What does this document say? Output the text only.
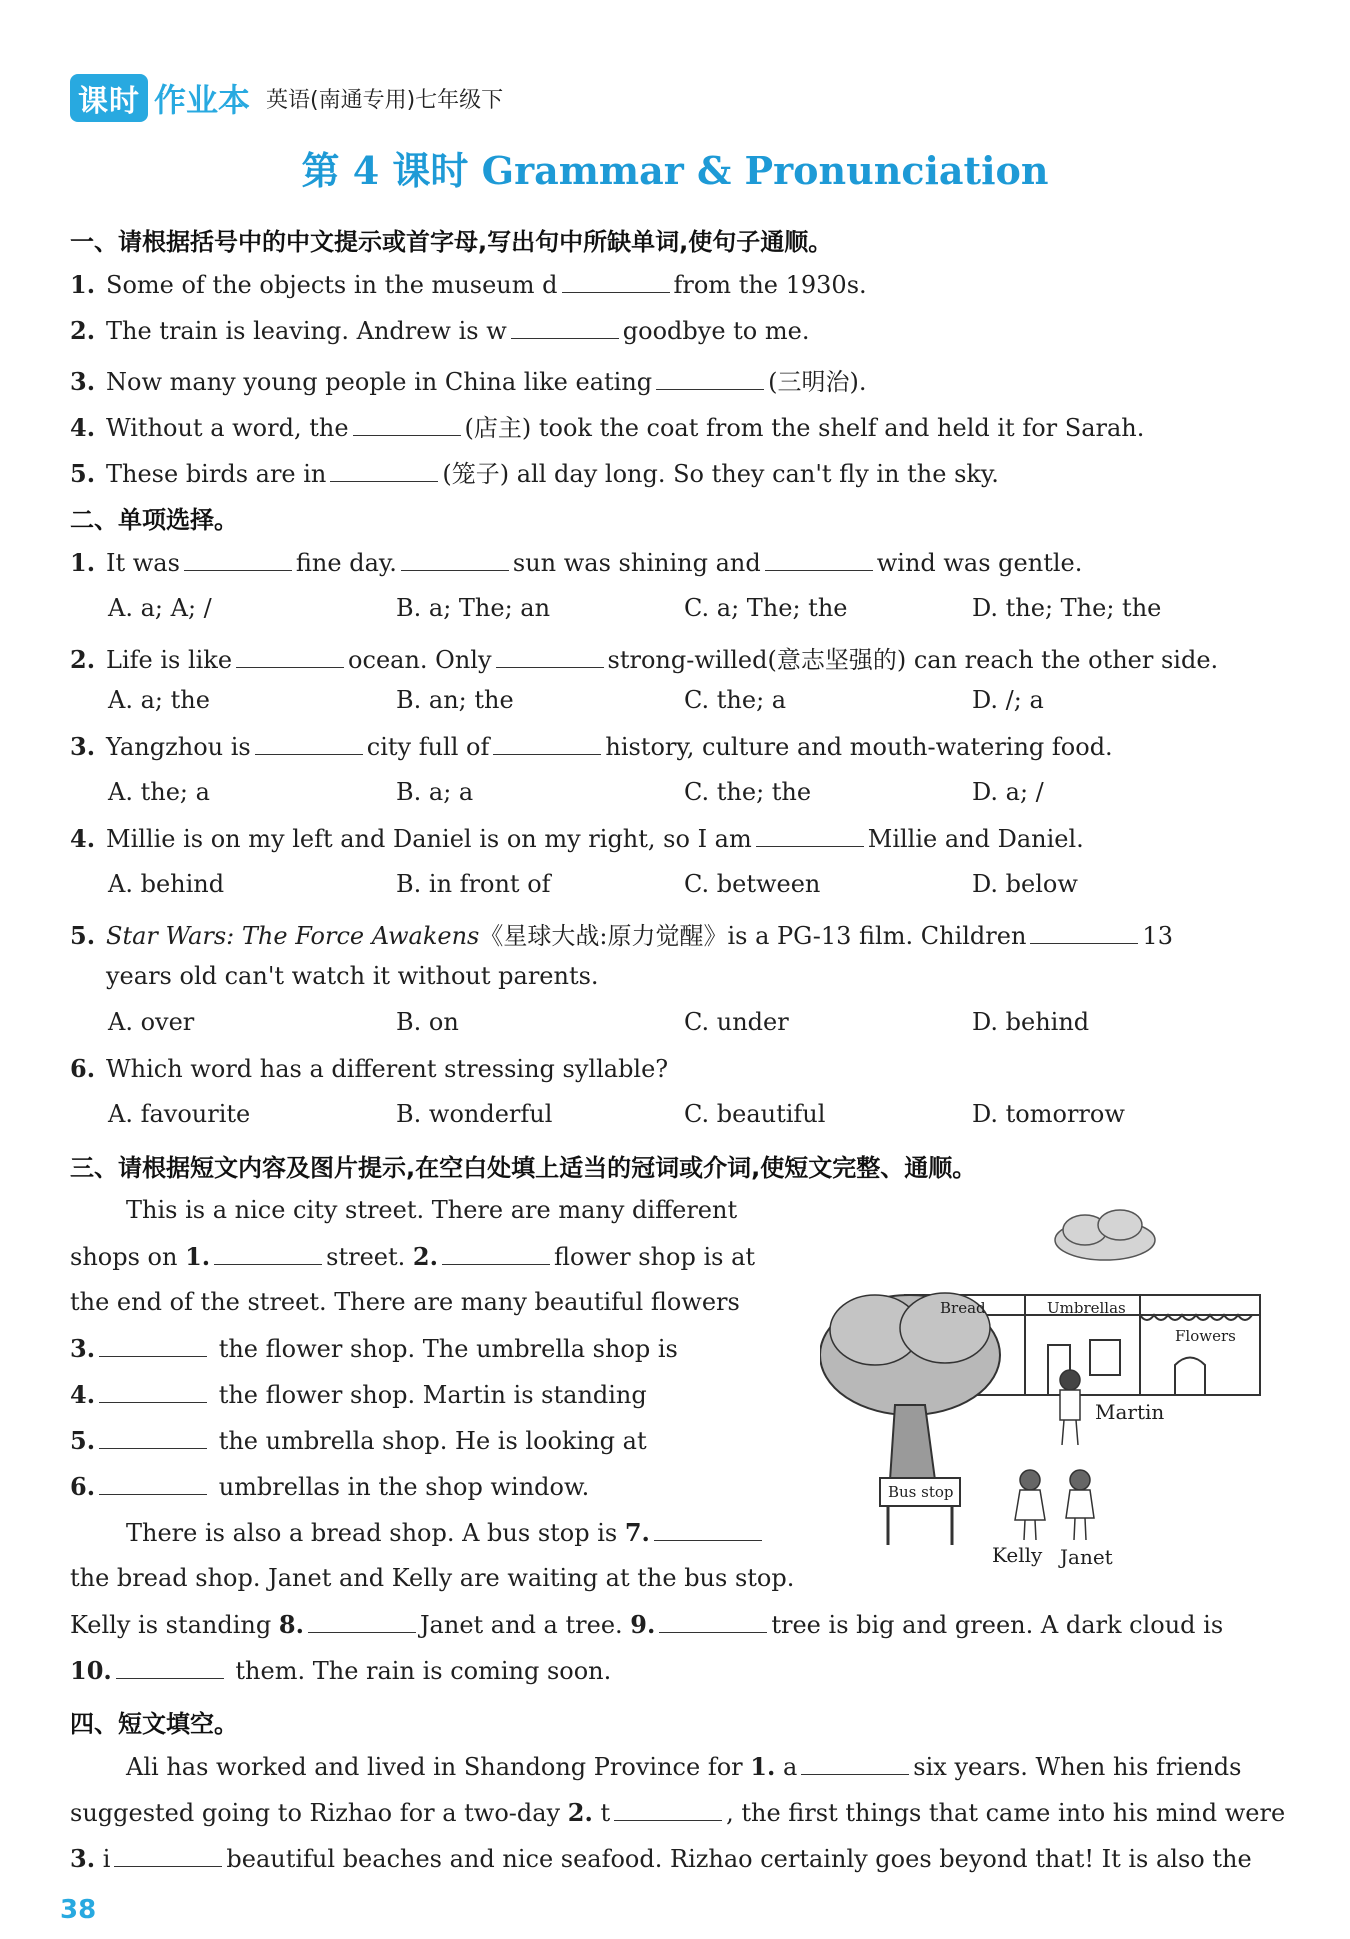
课时 作业本 英语(南通专用)七年级下
第 4 课时 Grammar & Pronunciation
一、请根据括号中的中文提示或首字母,写出句中所缺单词,使句子通顺。
1. Some of the objects in the museum d	from the 1930s.
2. The train is leaving. Andrew is w	goodbye to me.
3. Now many young people in China like eating	(三明治).
4. Without a word, the	(店主) took the coat from the shelf and held it for Sarah.
5. These birds are in	(笼子) all day long. So they can't fly in the sky.
二、单项选择。
1. It was	fine day.	sun was shining and	wind was gentle.
A. a; A; /	B. a; The; an	C. a; The; the	D. the; The; the
2. Life is like	ocean. Only	strong-willed(意志坚强的) can reach the other side.
A. a; the	B. an; the	C. the; a	D. /; a
3. Yangzhou is	city full of	history, culture and mouth-watering food.
A. the; a	B. a; a	C. the; the	D. a; /
4. Millie is on my left and Daniel is on my right, so I am	Millie and Daniel.
A. behind	B. in front of	C. between	D. below
5. Star Wars: The Force Awakens《星球大战:原力觉醒》is a PG-13 film. Children	13
years old can't watch it without parents.
A. over	B. on	C. under	D. behind
6. Which word has a different stressing syllable?
A. favourite	B. wonderful	C. beautiful	D. tomorrow
三、请根据短文内容及图片提示,在空白处填上适当的冠词或介词,使短文完整、通顺。
This is a nice city street. There are many different
shops on 1.	street. 2.	flower shop is at
the end of the street. There are many beautiful flowers
3.	the flower shop. The umbrella shop is
4.	the flower shop. Martin is standing
5.	the umbrella shop. He is looking at
6.	umbrellas in the shop window.
There is also a bread shop. A bus stop is 7.
the bread shop. Janet and Kelly are waiting at the bus stop.
Kelly is standing 8.	Janet and a tree. 9.	tree is big and green. A dark cloud is
10.	them. The rain is coming soon.
Bread	Umbrellas
Flowers
Martin
Bus stop
Kelly Janet
四、短文填空。
Ali has worked and lived in Shandong Province for 1. a	six years. When his friends
suggested going to Rizhao for a two-day 2. t	, the first things that came into his mind were
3. i	beautiful beaches and nice seafood. Rizhao certainly goes beyond that! It is also the
38
